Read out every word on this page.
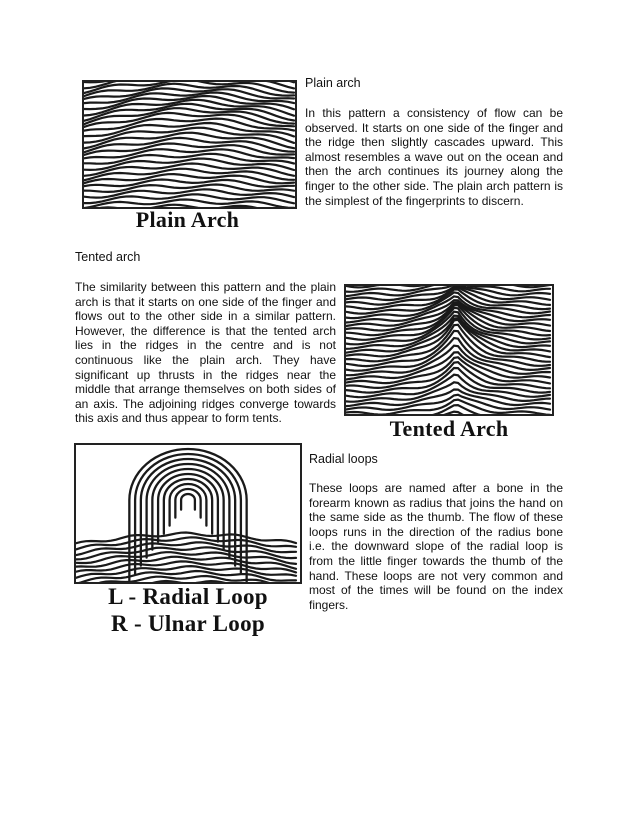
Plain Arch
Plain arch
In this pattern a consistency of flow can be observed. It starts on one side of the finger and the ridge then slightly cascades upward. This almost resembles a wave out on the ocean and then the arch continues its journey along the finger to the other side. The plain arch pattern is the simplest of the fingerprints to discern.
Tented arch
The similarity between this pattern and the plain arch is that it starts on one side of the finger and flows out to the other side in a similar pattern. However, the difference is that the tented arch lies in the ridges in the centre and is not continuous like the plain arch. They have significant up thrusts in the ridges near the middle that arrange themselves on both sides of an axis. The adjoining ridges converge towards this axis and thus appear to form tents.	Tented Arch
L - Radial Loop
R - Ulnar Loop
Radial loops
These loops are named after a bone in the forearm known as radius that joins the hand on the same side as the thumb. The flow of these loops runs in the direction of the radius bone i.e. the downward slope of the radial loop is from the little finger towards the thumb of the hand. These loops are not very common and most of the times will be found on the index fingers.
